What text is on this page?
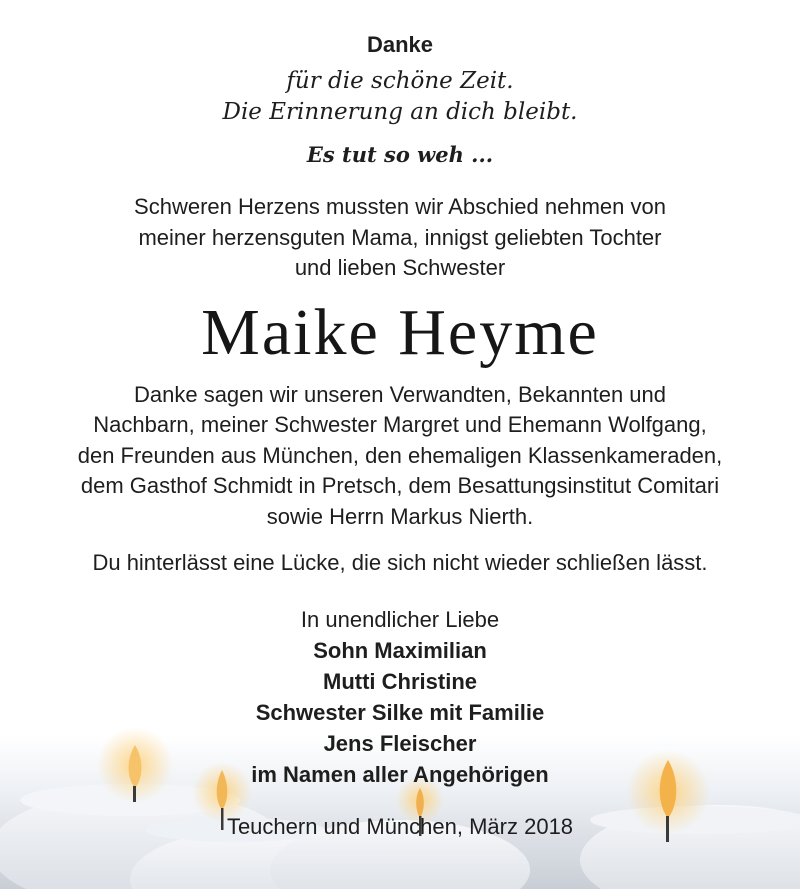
Danke
für die schöne Zeit.
Die Erinnerung an dich bleibt.
Es tut so weh ...
Schweren Herzens mussten wir Abschied nehmen von
meiner herzensguten Mama, innigst geliebten Tochter
und lieben Schwester
Maike Heyme
Danke sagen wir unseren Verwandten, Bekannten und
Nachbarn, meiner Schwester Margret und Ehemann Wolfgang,
den Freunden aus München, den ehemaligen Klassenkameraden,
dem Gasthof Schmidt in Pretsch, dem Besattungsinstitut Comitari
sowie Herrn Markus Nierth.
Du hinterlässt eine Lücke, die sich nicht wieder schließen lässt.
In unendlicher Liebe
Sohn Maximilian
Mutti Christine
Schwester Silke mit Familie
Jens Fleischer
im Namen aller Angehörigen
Teuchern und München, März 2018
